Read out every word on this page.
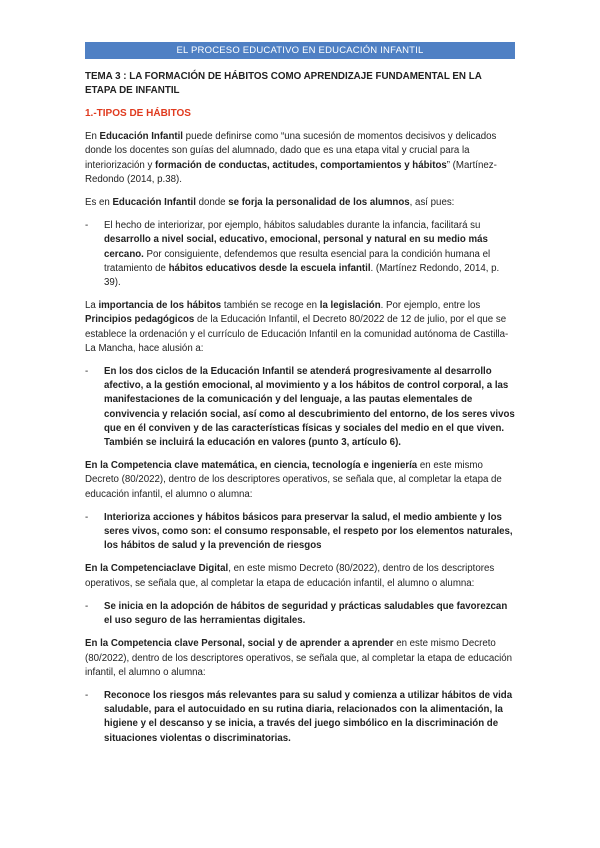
EL PROCESO EDUCATIVO EN EDUCACIÓN INFANTIL
TEMA 3 : LA FORMACIÓN DE HÁBITOS COMO APRENDIZAJE FUNDAMENTAL EN LA ETAPA DE INFANTIL
1.-TIPOS DE HÁBITOS

En Educación Infantil puede definirse como “una sucesión de momentos decisivos y delicados donde los docentes son guías del alumnado, dado que es una etapa vital y crucial para la interiorización y formación de conductas, actitudes, comportamientos y hábitos” (Martínez-Redondo (2014, p.38).

Es en Educación Infantil donde se forja la personalidad de los alumnos, así pues:

-	El hecho de interiorizar, por ejemplo, hábitos saludables durante la infancia, facilitará su desarrollo a nivel social, educativo, emocional, personal y natural en su medio más cercano. Por consiguiente, defendemos que resulta esencial para la condición humana el tratamiento de hábitos educativos desde la escuela infantil. (Martínez Redondo, 2014, p. 39).

La importancia de los hábitos también se recoge en la legislación. Por ejemplo, entre los Principios pedagógicos de la Educación Infantil, el Decreto 80/2022 de 12 de julio, por el que se establece la ordenación y el currículo de Educación Infantil en la comunidad autónoma de Castilla-La Mancha, hace alusión a:

-	En los dos ciclos de la Educación Infantil se atenderá progresivamente al desarrollo afectivo, a la gestión emocional, al movimiento y a los hábitos de control corporal, a las manifestaciones de la comunicación y del lenguaje, a las pautas elementales de convivencia y relación social, así como al descubrimiento del entorno, de los seres vivos que en él conviven y de las características físicas y sociales del medio en el que viven. También se incluirá la educación en valores (punto 3, artículo 6).

En la Competencia clave matemática, en ciencia, tecnología e ingeniería en este mismo Decreto (80/2022), dentro de los descriptores operativos, se señala que, al completar la etapa de educación infantil, el alumno o alumna:

-	Interioriza acciones y hábitos básicos para preservar la salud, el medio ambiente y los seres vivos, como son: el consumo responsable, el respeto por los elementos naturales, los hábitos de salud y la prevención de riesgos

En la Competenciaclave Digital, en este mismo Decreto (80/2022), dentro de los descriptores operativos, se señala que, al completar la etapa de educación infantil, el alumno o alumna:

-	Se inicia en la adopción de hábitos de seguridad y prácticas saludables que favorezcan el uso seguro de las herramientas digitales.

En la Competencia clave Personal, social y de aprender a aprender en este mismo Decreto (80/2022), dentro de los descriptores operativos, se señala que, al completar la etapa de educación infantil, el alumno o alumna:

-	Reconoce los riesgos más relevantes para su salud y comienza a utilizar hábitos de vida saludable, para el autocuidado en su rutina diaria, relacionados con la alimentación, la higiene y el descanso y se inicia, a través del juego simbólico en la discriminación de situaciones violentas o discriminatorias.
